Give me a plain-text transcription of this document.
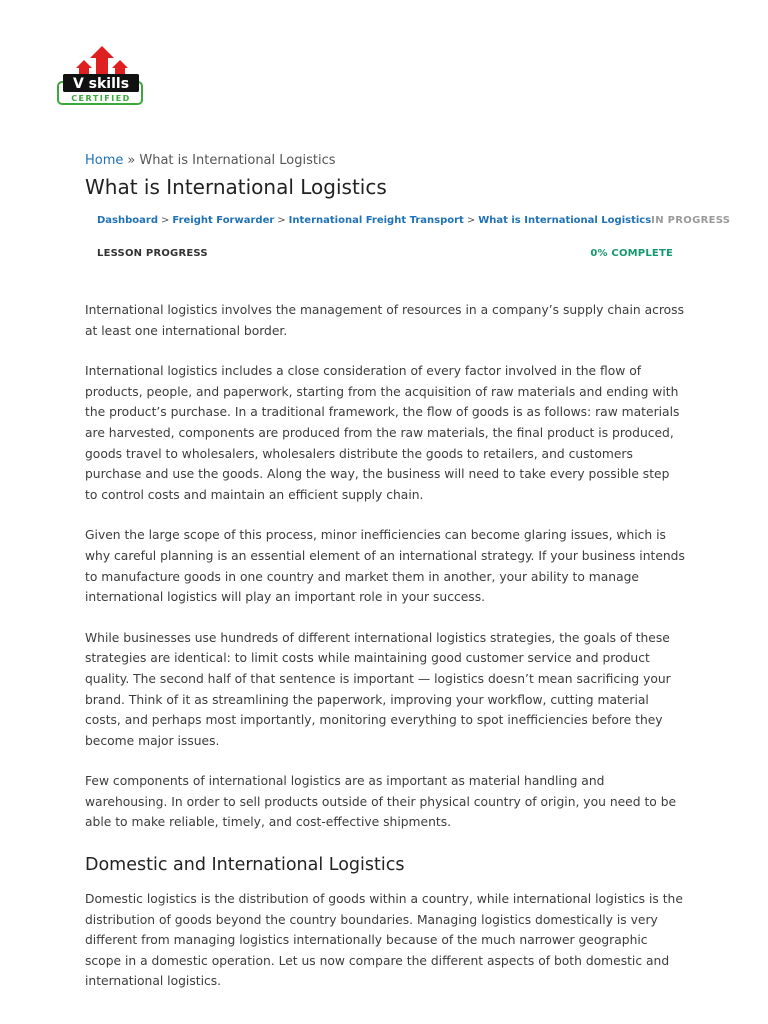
V skills
CERTIFIED
Home » What is International Logistics
What is International Logistics
Dashboard > Freight Forwarder > International Freight Transport > What is International Logistics IN PROGRESS
LESSON PROGRESS	0% COMPLETE

International logistics involves the management of resources in a company’s supply chain across at least one international border.

International logistics includes a close consideration of every factor involved in the flow of products, people, and paperwork, starting from the acquisition of raw materials and ending with the product’s purchase. In a traditional framework, the flow of goods is as follows: raw materials are harvested, components are produced from the raw materials, the final product is produced, goods travel to wholesalers, wholesalers distribute the goods to retailers, and customers purchase and use the goods. Along the way, the business will need to take every possible step to control costs and maintain an efficient supply chain.

Given the large scope of this process, minor inefficiencies can become glaring issues, which is why careful planning is an essential element of an international strategy. If your business intends to manufacture goods in one country and market them in another, your ability to manage international logistics will play an important role in your success.

While businesses use hundreds of different international logistics strategies, the goals of these strategies are identical: to limit costs while maintaining good customer service and product quality. The second half of that sentence is important — logistics doesn’t mean sacrificing your brand. Think of it as streamlining the paperwork, improving your workflow, cutting material costs, and perhaps most importantly, monitoring everything to spot inefficiencies before they become major issues.

Few components of international logistics are as important as material handling and warehousing. In order to sell products outside of their physical country of origin, you need to be able to make reliable, timely, and cost-effective shipments.

Domestic and International Logistics

Domestic logistics is the distribution of goods within a country, while international logistics is the distribution of goods beyond the country boundaries. Managing logistics domestically is very different from managing logistics internationally because of the much narrower geographic scope in a domestic operation. Let us now compare the different aspects of both domestic and international logistics.
